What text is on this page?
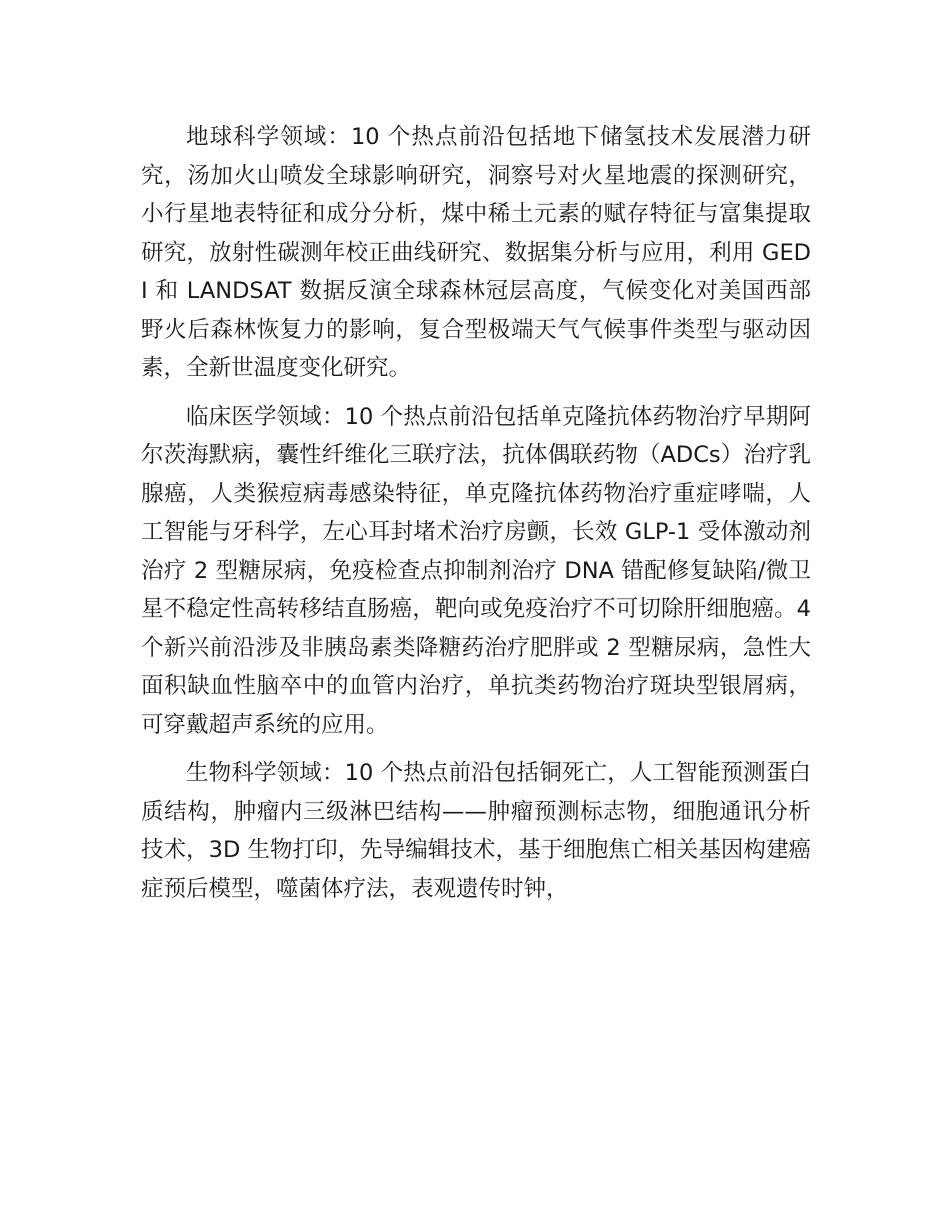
地球科学领域：10 个热点前沿包括地下储氢技术发展潜力研究，汤加火山喷发全球影响研究，洞察号对火星地震的探测研究，小行星地表特征和成分分析，煤中稀土元素的赋存特征与富集提取研究，放射性碳测年校正曲线研究、数据集分析与应用，利用 GEDI 和 LANDSAT 数据反演全球森林冠层高度，气候变化对美国西部野火后森林恢复力的影响，复合型极端天气气候事件类型与驱动因素，全新世温度变化研究。

临床医学领域：10 个热点前沿包括单克隆抗体药物治疗早期阿尔茨海默病，囊性纤维化三联疗法，抗体偶联药物（ADCs）治疗乳腺癌，人类猴痘病毒感染特征，单克隆抗体药物治疗重症哮喘，人工智能与牙科学，左心耳封堵术治疗房颤，长效 GLP-1 受体激动剂治疗 2 型糖尿病，免疫检查点抑制剂治疗 DNA 错配修复缺陷/微卫星不稳定性高转移结直肠癌，靶向或免疫治疗不可切除肝细胞癌。4 个新兴前沿涉及非胰岛素类降糖药治疗肥胖或 2 型糖尿病，急性大面积缺血性脑卒中的血管内治疗，单抗类药物治疗斑块型银屑病，可穿戴超声系统的应用。

生物科学领域：10 个热点前沿包括铜死亡，人工智能预测蛋白质结构，肿瘤内三级淋巴结构——肿瘤预测标志物，细胞通讯分析技术，3D 生物打印，先导编辑技术，基于细胞焦亡相关基因构建癌症预后模型，噬菌体疗法，表观遗传时钟，
